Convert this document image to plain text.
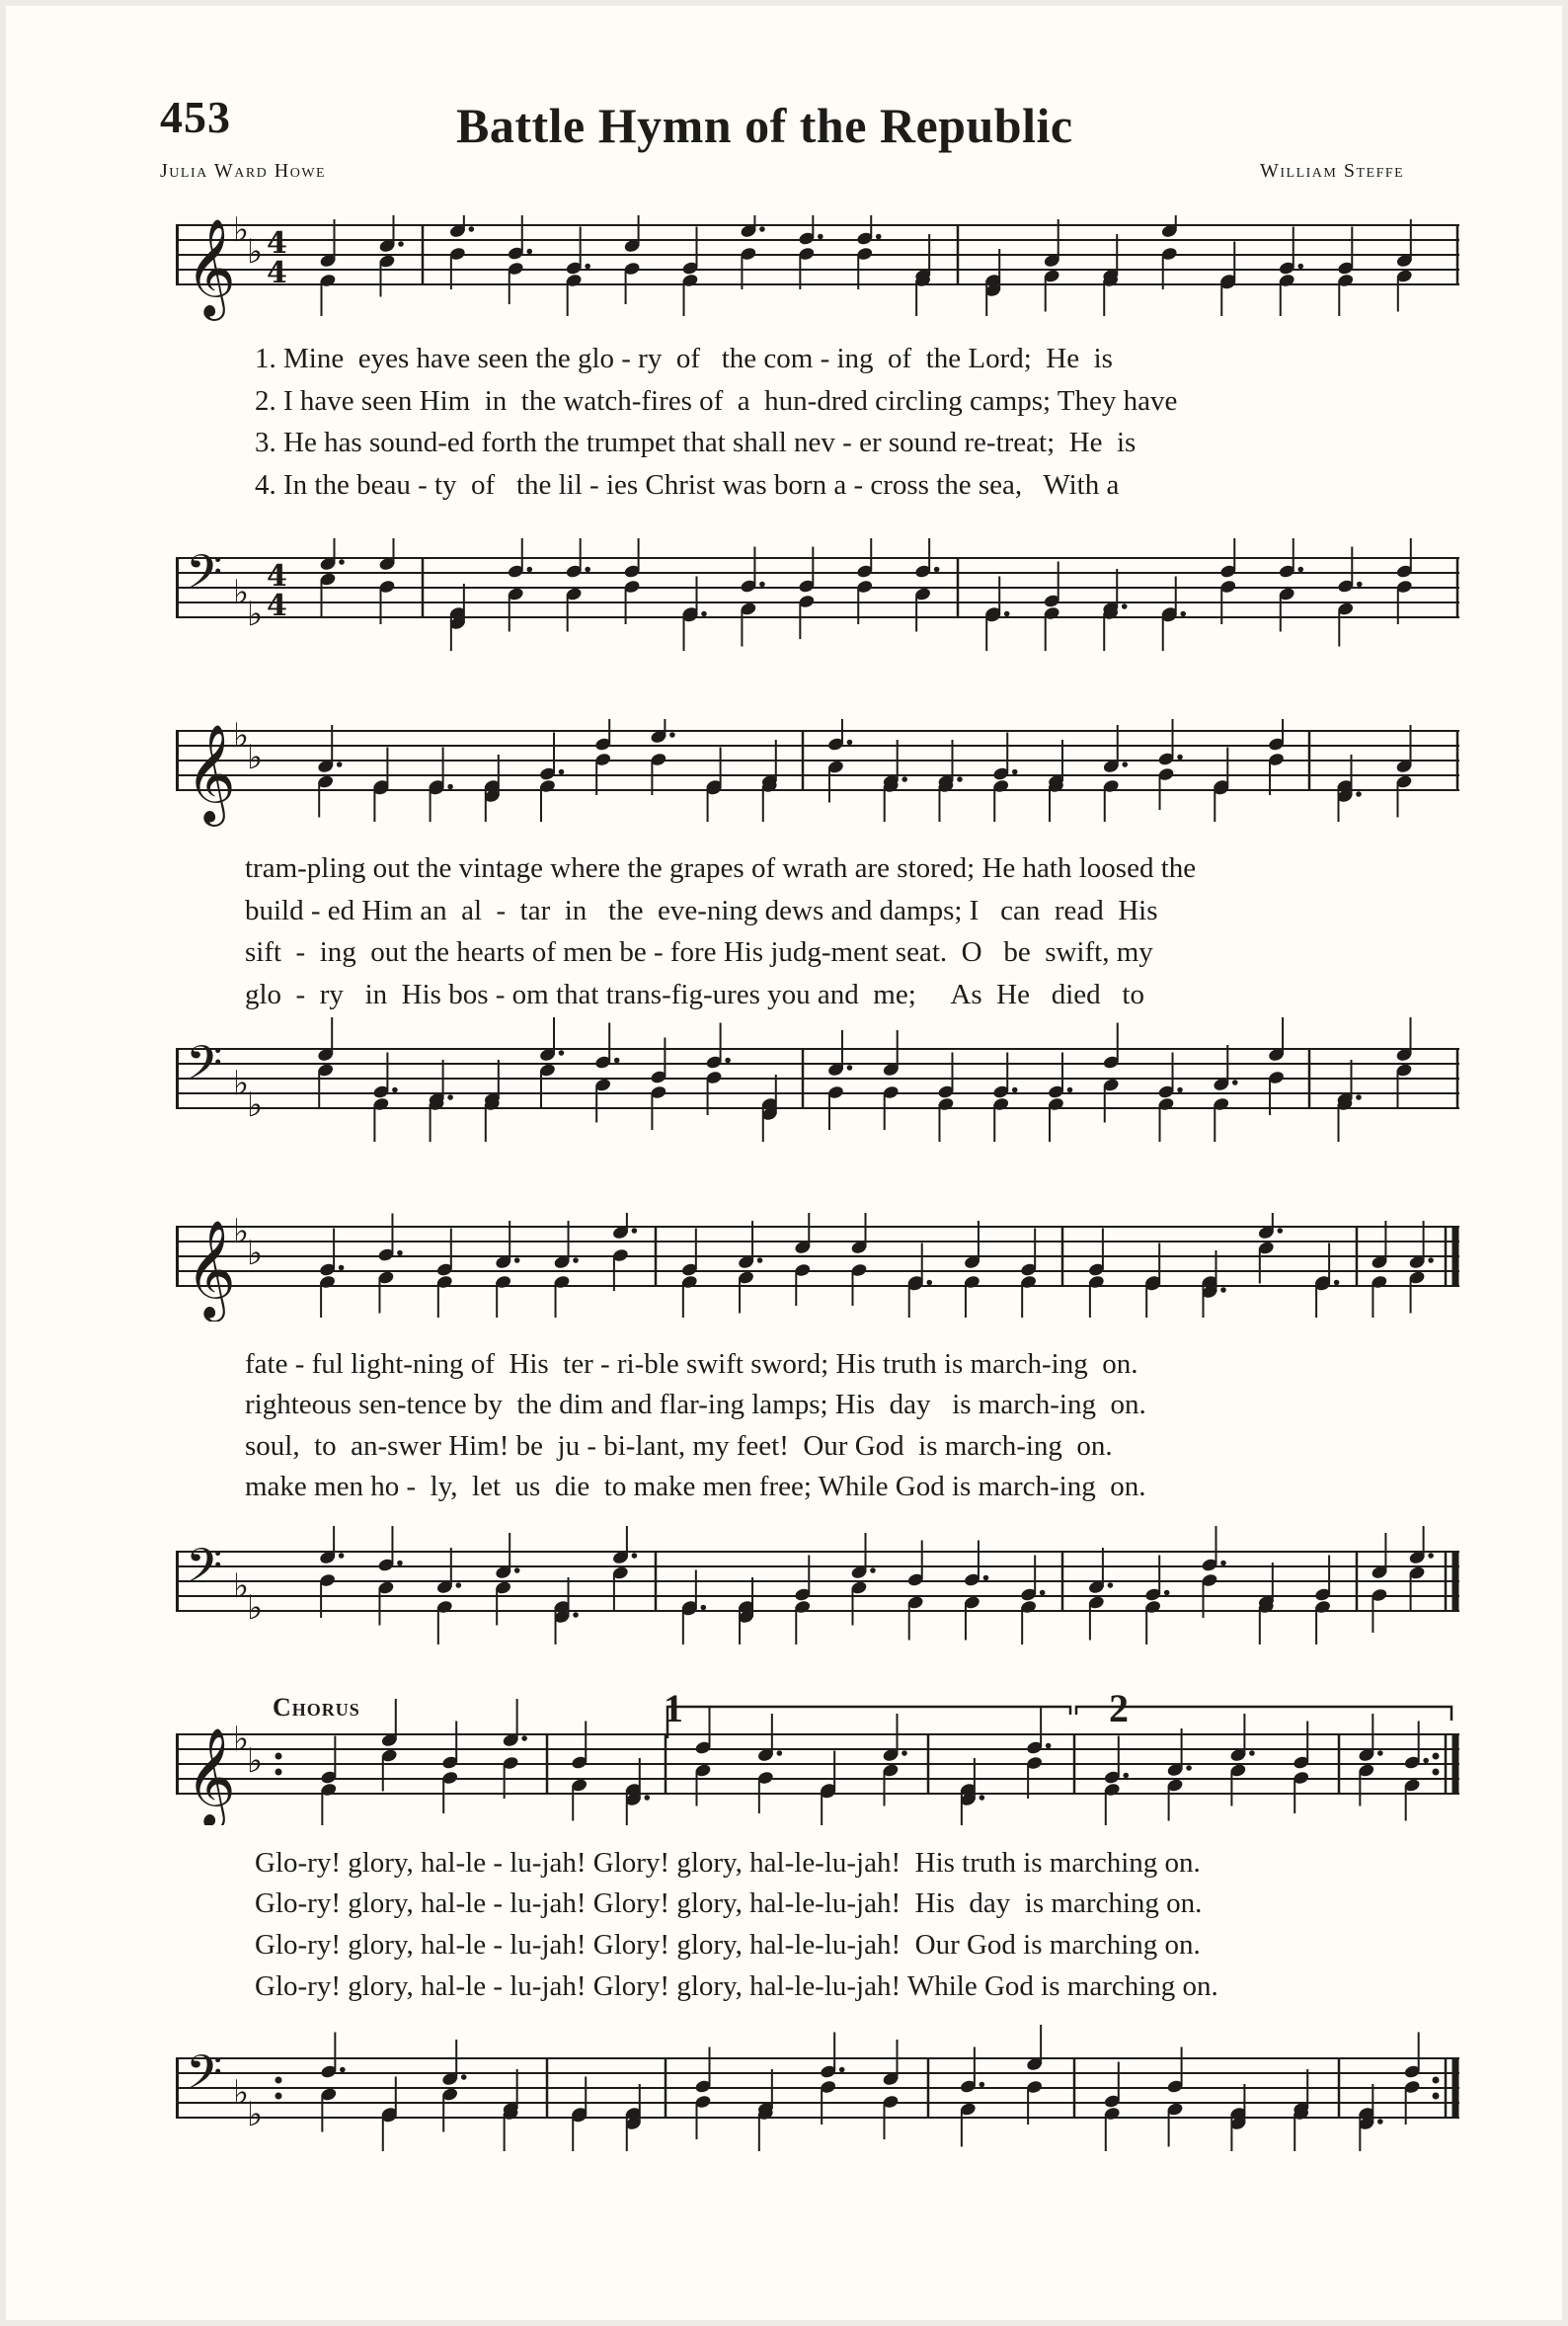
453	Battle Hymn of the Republic
Julia Ward Howe	William Steffe
𝄞
♭
♭ 4
4
1. Mine  eyes have seen the glo - ry  of   the com - ing  of  the Lord;  He  is
2. I have seen Him  in  the watch-fires of  a  hun-dred circling camps; They have
3. He has sound-ed forth the trumpet that shall nev - er sound re-treat;  He  is
4. In the beau - ty  of   the lil - ies Christ was born a - cross the sea,   With a
𝄢 ♭
♭
4
4
𝄞
♭
♭
tram-pling out the vintage where the grapes of wrath are stored; He hath loosed the
build - ed Him an  al  -  tar  in   the  eve-ning dews and damps; I   can  read  His
sift  -  ing  out the hearts of men be - fore His judg-ment seat.  O   be  swift, my
glo  -  ry   in  His bos - om that trans-fig-ures you and  me;     As  He   died   to
𝄢 ♭
♭
𝄞
♭
♭
fate - ful light-ning of  His  ter - ri-ble swift sword; His truth is march-ing  on.
righteous sen-tence by  the dim and flar-ing lamps; His  day   is march-ing  on.
soul,  to  an-swer Him! be  ju - bi-lant, my feet!  Our God  is march-ing  on.
make men ho -  ly,  let  us  die  to make men free; While God is march-ing  on.
𝄢 ♭
♭
Chorus	1	2
𝄞
♭
♭
Glo-ry! glory, hal-le - lu-jah! Glory! glory, hal-le-lu-jah!  His truth is marching on.
Glo-ry! glory, hal-le - lu-jah! Glory! glory, hal-le-lu-jah!  His  day  is marching on.
Glo-ry! glory, hal-le - lu-jah! Glory! glory, hal-le-lu-jah!  Our God is marching on.
Glo-ry! glory, hal-le - lu-jah! Glory! glory, hal-le-lu-jah! While God is marching on.
𝄢 ♭
♭
